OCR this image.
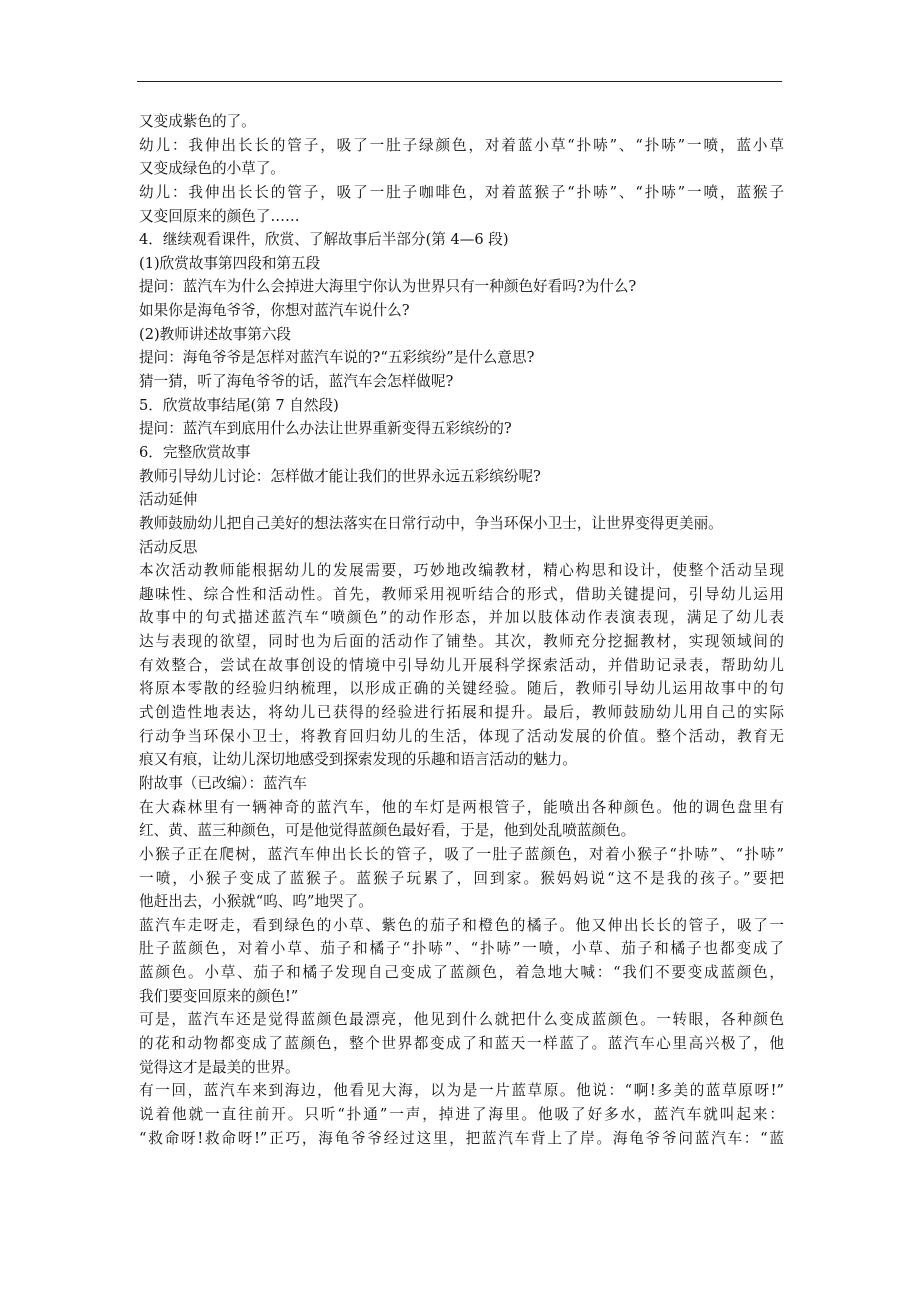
又变成紫色的了。
幼儿：我伸出长长的管子，吸了一肚子绿颜色，对着蓝小草“扑哧”、“扑哧”一喷，蓝小草
又变成绿色的小草了。
幼儿：我伸出长长的管子，吸了一肚子咖啡色，对着蓝猴子“扑哧”、“扑哧”一喷，蓝猴子
又变回原来的颜色了……
4．继续观看课件，欣赏、了解故事后半部分(第 4—6 段)
(1)欣赏故事第四段和第五段
提问：蓝汽车为什么会掉进大海里宁你认为世界只有一种颜色好看吗?为什么?
如果你是海龟爷爷，你想对蓝汽车说什么?
(2)教师讲述故事第六段
提问：海龟爷爷是怎样对蓝汽车说的?“五彩缤纷”是什么意思?
猜一猜，听了海龟爷爷的话，蓝汽车会怎样做呢?
5．欣赏故事结尾(第 7 自然段)
提问：蓝汽车到底用什么办法让世界重新变得五彩缤纷的?
6．完整欣赏故事
教师引导幼儿讨论：怎样做才能让我们的世界永远五彩缤纷呢?
活动延伸
教师鼓励幼儿把自己美好的想法落实在日常行动中，争当环保小卫士，让世界变得更美丽。
活动反思
本次活动教师能根据幼儿的发展需要，巧妙地改编教材，精心构思和设计，使整个活动呈现
趣味性、综合性和活动性。首先，教师采用视听结合的形式，借助关键提问，引导幼儿运用
故事中的句式描述蓝汽车“喷颜色”的动作形态，并加以肢体动作表演表现，满足了幼儿表
达与表现的欲望，同时也为后面的活动作了铺垫。其次，教师充分挖掘教材，实现领域间的
有效整合，尝试在故事创设的情境中引导幼儿开展科学探索活动，并借助记录表，帮助幼儿
将原本零散的经验归纳梳理，以形成正确的关键经验。随后，教师引导幼儿运用故事中的句
式创造性地表达，将幼儿已获得的经验进行拓展和提升。最后，教师鼓励幼儿用自己的实际
行动争当环保小卫士，将教育回归幼儿的生活，体现了活动发展的价值。整个活动，教育无
痕又有痕，让幼儿深切地感受到探索发现的乐趣和语言活动的魅力。
附故事（已改编）：蓝汽车
在大森林里有一辆神奇的蓝汽车，他的车灯是两根管子，能喷出各种颜色。他的调色盘里有
红、黄、蓝三种颜色，可是他觉得蓝颜色最好看，于是，他到处乱喷蓝颜色。
小猴子正在爬树，蓝汽车伸出长长的管子，吸了一肚子蓝颜色，对着小猴子“扑哧”、“扑哧”
一喷，小猴子变成了蓝猴子。蓝猴子玩累了，回到家。猴妈妈说“这不是我的孩子。”要把
他赶出去，小猴就“呜、呜”地哭了。
蓝汽车走呀走，看到绿色的小草、紫色的茄子和橙色的橘子。他又伸出长长的管子，吸了一
肚子蓝颜色，对着小草、茄子和橘子“扑哧”、“扑哧”一喷，小草、茄子和橘子也都变成了
蓝颜色。小草、茄子和橘子发现自己变成了蓝颜色，着急地大喊：“我们不要变成蓝颜色，
我们要变回原来的颜色!”
可是，蓝汽车还是觉得蓝颜色最漂亮，他见到什么就把什么变成蓝颜色。一转眼，各种颜色
的花和动物都变成了蓝颜色，整个世界都变成了和蓝天一样蓝了。蓝汽车心里高兴极了，他
觉得这才是最美的世界。
有一回，蓝汽车来到海边，他看见大海，以为是一片蓝草原。他说：“啊!多美的蓝草原呀!”
说着他就一直往前开。只听“扑通”一声，掉进了海里。他吸了好多水，蓝汽车就叫起来：
“救命呀!救命呀!”正巧，海龟爷爷经过这里，把蓝汽车背上了岸。海龟爷爷问蓝汽车：“蓝
